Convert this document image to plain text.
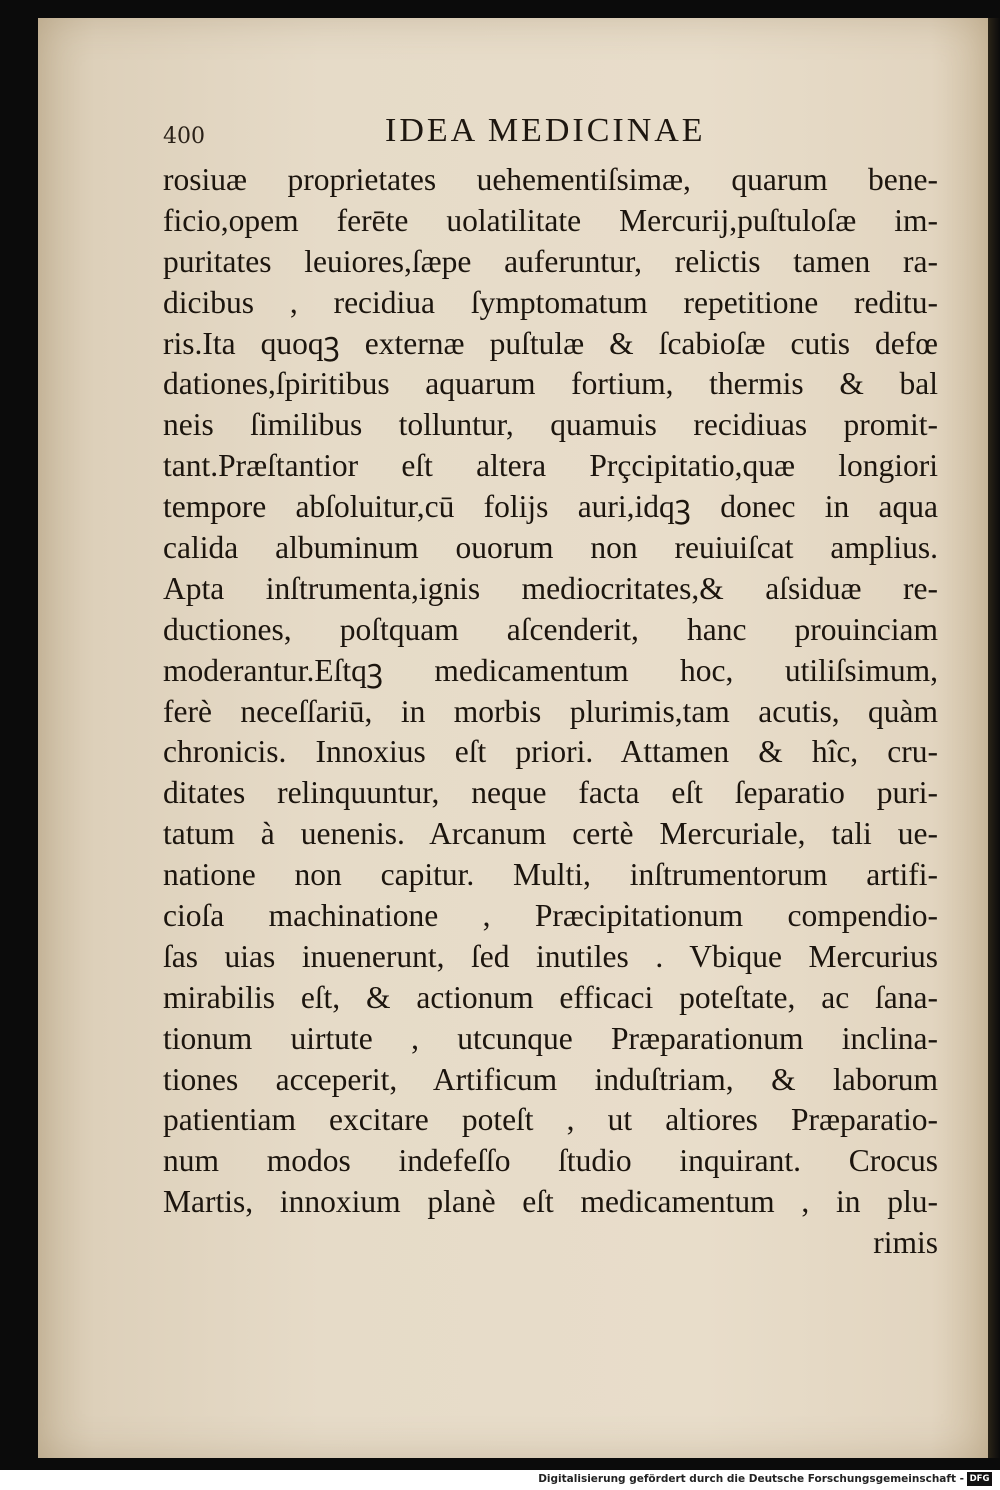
400	IDEA MEDICINAE
rosiuæ proprietates uehementiſsimæ, quarum bene-
ficio,opem ferēte uolatilitate Mercurij,puſtuloſæ im-
puritates leuiores,ſæpe auferuntur, relictis tamen ra-
dicibus , recidiua ſymptomatum repetitione reditu-
ris.Ita quoqꝫ externæ puſtulæ & ſcabioſæ cutis defœ
dationes,ſpiritibus aquarum fortium, thermis & bal
neis ſimilibus tolluntur, quamuis recidiuas promit-
tant.Præſtantior eſt altera Prçcipitatio,quæ longiori
tempore abſoluitur,cū folijs auri,idqꝫ donec in aqua
calida albuminum ouorum non reuiuiſcat amplius.
Apta inſtrumenta,ignis mediocritates,& aſsiduæ re-
ductiones, poſtquam aſcenderit, hanc prouinciam
moderantur.Eſtqꝫ medicamentum hoc, utiliſsimum,
ferè neceſſariū, in morbis plurimis,tam acutis, quàm
chronicis. Innoxius eſt priori. Attamen & hîc, cru-
ditates relinquuntur, neque facta eſt ſeparatio puri-
tatum à uenenis. Arcanum certè Mercuriale, tali ue-
natione non capitur. Multi, inſtrumentorum artifi-
cioſa machinatione , Præcipitationum compendio-
ſas uias inuenerunt, ſed inutiles . Vbique Mercurius
mirabilis eſt, & actionum efficaci poteſtate, ac ſana-
tionum uirtute , utcunque Præparationum inclina-
tiones acceperit, Artificum induſtriam, & laborum
patientiam excitare poteſt , ut altiores Præparatio-
num modos indefeſſo ſtudio inquirant. Crocus
Martis, innoxium planè eſt medicamentum , in plu-
rimis
Digitalisierung gefördert durch die Deutsche Forschungsgemeinschaft - DFG
